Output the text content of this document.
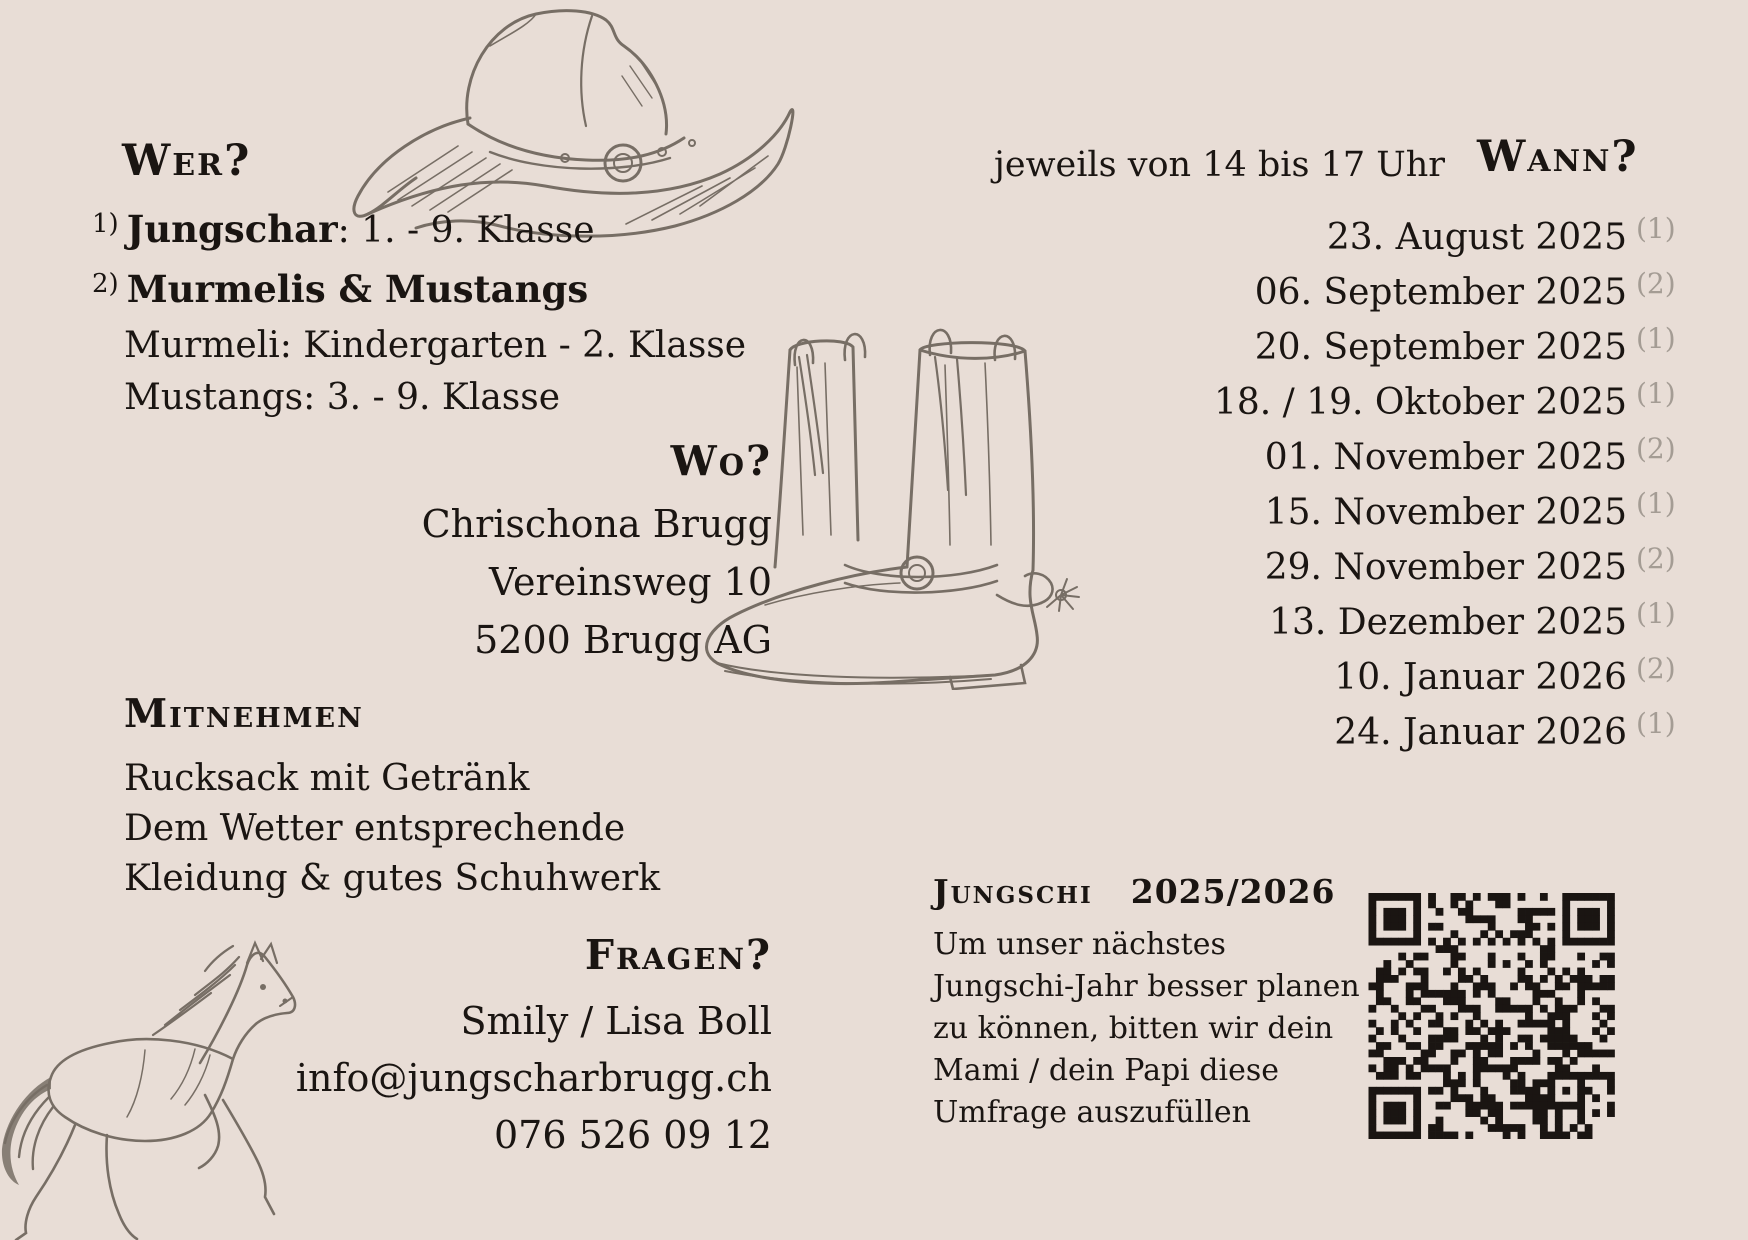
Wer?
1) Jungschar: 1. - 9. Klasse
2) Murmelis & Mustangs
Murmeli: Kindergarten - 2. Klasse
Mustangs: 3. - 9. Klasse
jeweils von 14 bis 17 Uhr Wann?
23. August 2025 (1)
06. September 2025 (2)
20. September 2025 (1)
18. / 19. Oktober 2025 (1)
01. November 2025 (2)
15. November 2025 (1)
29. November 2025 (2)
13. Dezember 2025 (1)
10. Januar 2026 (2)
24. Januar 2026 (1)
Wo?
Chrischona Brugg
Vereinsweg 10
5200 Brugg AG
Mitnehmen
Rucksack mit Getränk
Dem Wetter entsprechende
Kleidung & gutes Schuhwerk
Fragen?
Smily / Lisa Boll
info@jungscharbrugg.ch
076 526 09 12
Jungschi 2025/2026
Um unser nächstes
Jungschi-Jahr besser planen
zu können, bitten wir dein
Mami / dein Papi diese
Umfrage auszufüllen
